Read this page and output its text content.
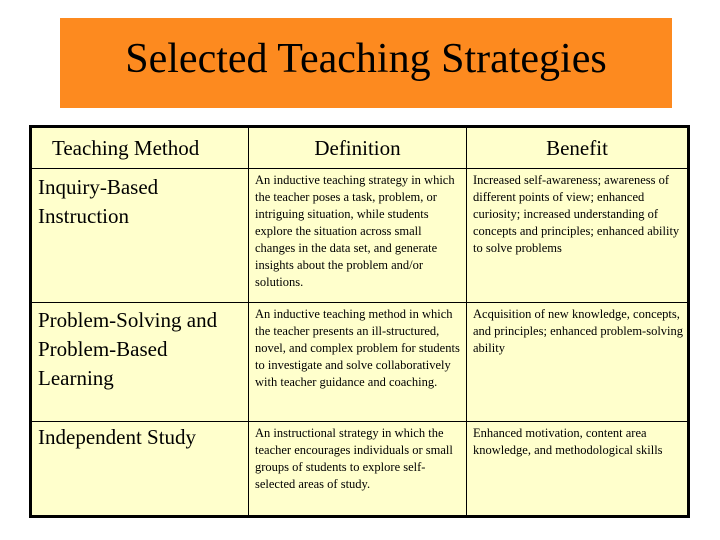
Selected Teaching Strategies
Teaching Method	Definition	Benefit
Inquiry-Based Instruction	An inductive teaching strategy in which the teacher poses a task, problem, or intriguing situation, while students explore the situation across small changes in the data set, and generate insights about the problem and/or solutions.	Increased self-awareness; awareness of different points of view; enhanced curiosity; increased understanding of concepts and principles; enhanced ability to solve problems
Problem-Solving and Problem-Based Learning	An inductive teaching method in which the teacher presents an ill-structured, novel, and complex problem for students to investigate and solve collaboratively with teacher guidance and coaching.	Acquisition of new knowledge, concepts, and principles; enhanced problem-solving ability
Independent Study	An instructional strategy in which the teacher encourages individuals or small groups of students to explore self-selected areas of study.	Enhanced motivation, content area knowledge, and methodological skills
